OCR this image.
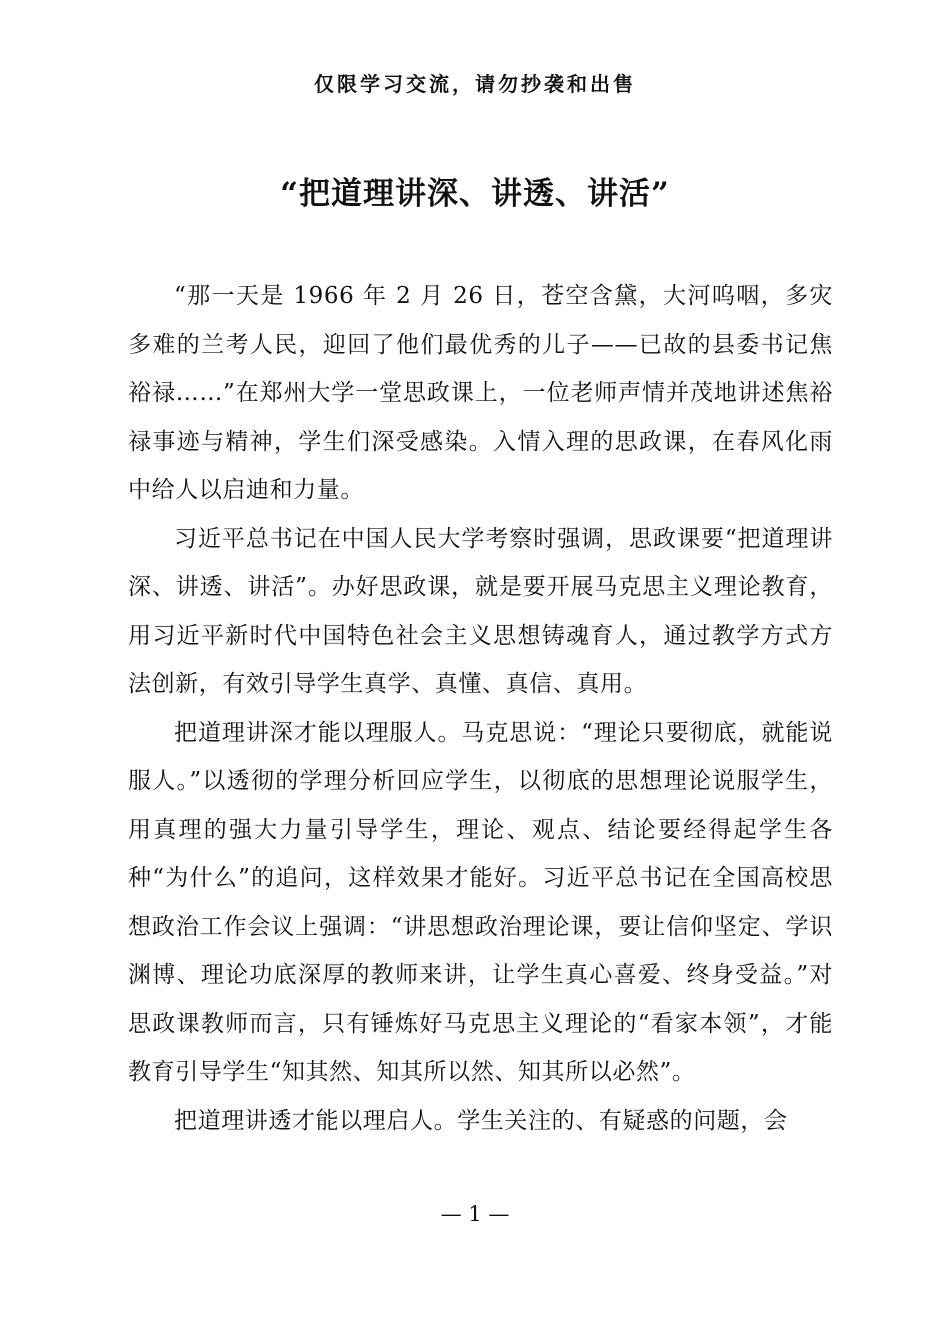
仅限学习交流，请勿抄袭和出售
“把道理讲深、讲透、讲活”

“那一天是 1966 年 2 月 26 日，苍空含黛，大河呜咽，多灾多难的兰考人民，迎回了他们最优秀的儿子——已故的县委书记焦裕禄……”在郑州大学一堂思政课上，一位老师声情并茂地讲述焦裕禄事迹与精神，学生们深受感染。入情入理的思政课，在春风化雨中给人以启迪和力量。

习近平总书记在中国人民大学考察时强调，思政课要“把道理讲深、讲透、讲活”。办好思政课，就是要开展马克思主义理论教育，用习近平新时代中国特色社会主义思想铸魂育人，通过教学方式方法创新，有效引导学生真学、真懂、真信、真用。

把道理讲深才能以理服人。马克思说：“理论只要彻底，就能说服人。”以透彻的学理分析回应学生，以彻底的思想理论说服学生，用真理的强大力量引导学生，理论、观点、结论要经得起学生各种“为什么”的追问，这样效果才能好。习近平总书记在全国高校思想政治工作会议上强调：“讲思想政治理论课，要让信仰坚定、学识渊博、理论功底深厚的教师来讲，让学生真心喜爱、终身受益。”对思政课教师而言，只有锤炼好马克思主义理论的“看家本领”，才能教育引导学生“知其然、知其所以然、知其所以必然”。

把道理讲透才能以理启人。学生关注的、有疑惑的问题，会

— 1 —
